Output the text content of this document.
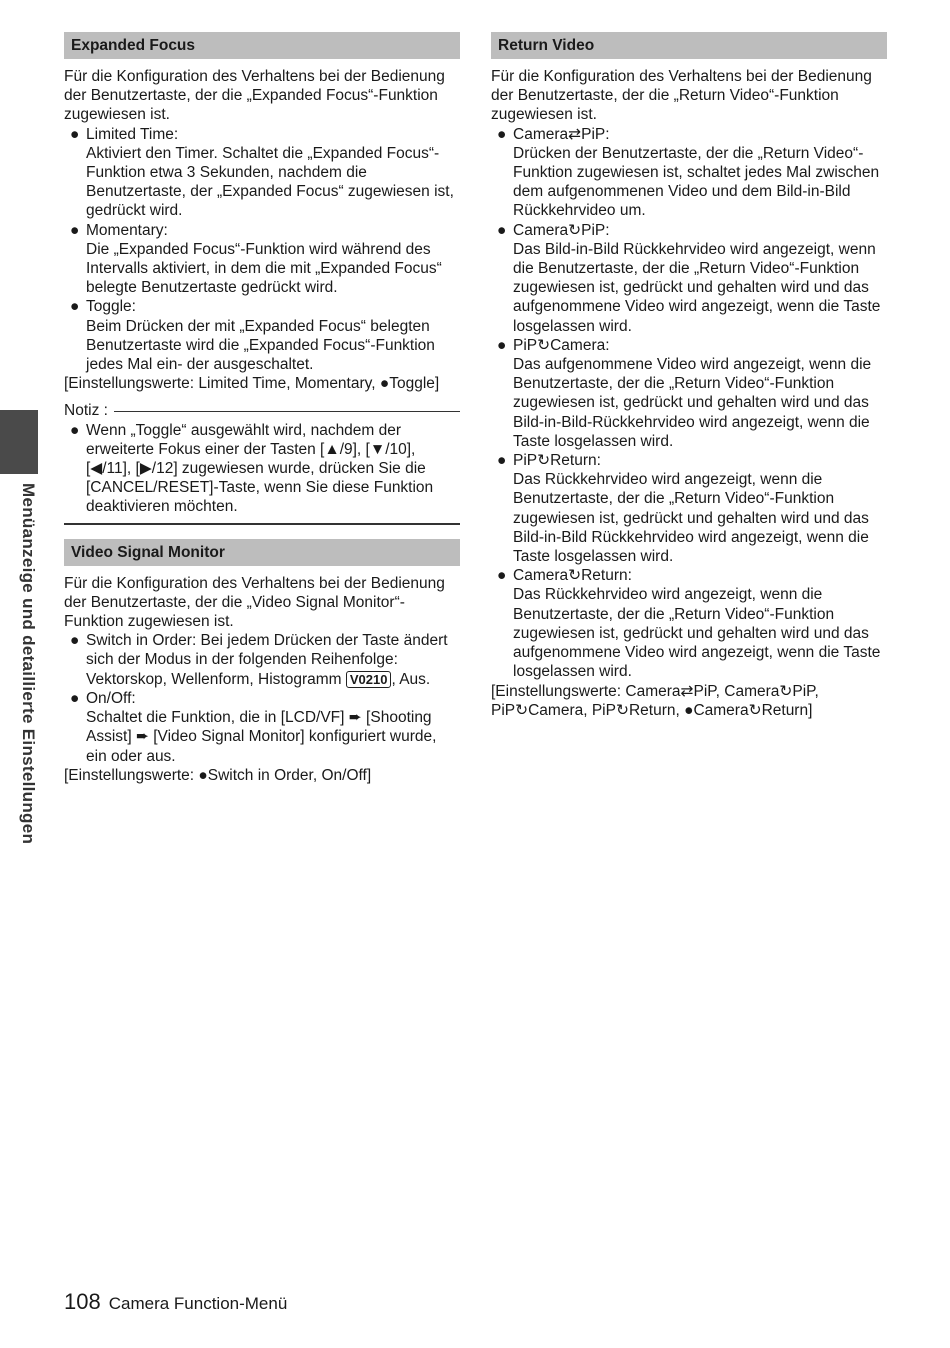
Menüanzeige und detaillierte Einstellungen
Expanded Focus

Für die Konfiguration des Verhaltens bei der Bedienung der Benutzertaste, der die „Expanded Focus“-Funktion zugewiesen ist.

● Limited Time:
Aktiviert den Timer. Schaltet die „Expanded Focus“-Funktion etwa 3 Sekunden, nachdem die Benutzertaste, der „Expanded Focus“ zugewiesen ist, gedrückt wird.
● Momentary:
Die „Expanded Focus“-Funktion wird während des Intervalls aktiviert, in dem die mit „Expanded Focus“ belegte Benutzertaste gedrückt wird.
● Toggle:
Beim Drücken der mit „Expanded Focus“ belegten Benutzertaste wird die „Expanded Focus“-Funktion jedes Mal ein- der ausgeschaltet.

[Einstellungswerte: Limited Time, Momentary, ●Toggle]

Notiz :
● Wenn „Toggle“ ausgewählt wird, nachdem der erweiterte Fokus einer der Tasten [▲/9], [▼/10], [◀/11], [▶/12] zugewiesen wurde, drücken Sie die [CANCEL/RESET]-Taste, wenn Sie diese Funktion deaktivieren möchten.
Video Signal Monitor

Für die Konfiguration des Verhaltens bei der Bedienung der Benutzertaste, der die „Video Signal Monitor“-Funktion zugewiesen ist.

● Switch in Order: Bei jedem Drücken der Taste ändert sich der Modus in der folgenden Reihenfolge: Vektorskop, Wellenform, Histogramm V0210 , Aus.
● On/Off:
Schaltet die Funktion, die in [LCD/VF] ➨ [Shooting Assist] ➨ [Video Signal Monitor] konfiguriert wurde, ein oder aus.

[Einstellungswerte: ●Switch in Order, On/Off]

Return Video

Für die Konfiguration des Verhaltens bei der Bedienung der Benutzertaste, der die „Return Video“-Funktion zugewiesen ist.

● Camera⇄PiP:
Drücken der Benutzertaste, der die „Return Video“-Funktion zugewiesen ist, schaltet jedes Mal zwischen dem aufgenommenen Video und dem Bild-in-Bild Rückkehrvideo um.
● Camera↻PiP:
Das Bild-in-Bild Rückkehrvideo wird angezeigt, wenn die Benutzertaste, der die „Return Video“-Funktion zugewiesen ist, gedrückt und gehalten wird und das aufgenommene Video wird angezeigt, wenn die Taste losgelassen wird.
● PiP↻Camera:
Das aufgenommene Video wird angezeigt, wenn die Benutzertaste, der die „Return Video“-Funktion zugewiesen ist, gedrückt und gehalten wird und das Bild-in-Bild-Rückkehrvideo wird angezeigt, wenn die Taste losgelassen wird.
● PiP↻Return:
Das Rückkehrvideo wird angezeigt, wenn die Benutzertaste, der die „Return Video“-Funktion zugewiesen ist, gedrückt und gehalten wird und das Bild-in-Bild Rückkehrvideo wird angezeigt, wenn die Taste losgelassen wird.
● Camera↻Return:
Das Rückkehrvideo wird angezeigt, wenn die Benutzertaste, der die „Return Video“-Funktion zugewiesen ist, gedrückt und gehalten wird und das aufgenommene Video wird angezeigt, wenn die Taste losgelassen wird.

[Einstellungswerte: Camera⇄PiP, Camera↻PiP, PiP↻Camera, PiP↻Return, ●Camera↻Return]

108 Camera Function-Menü
